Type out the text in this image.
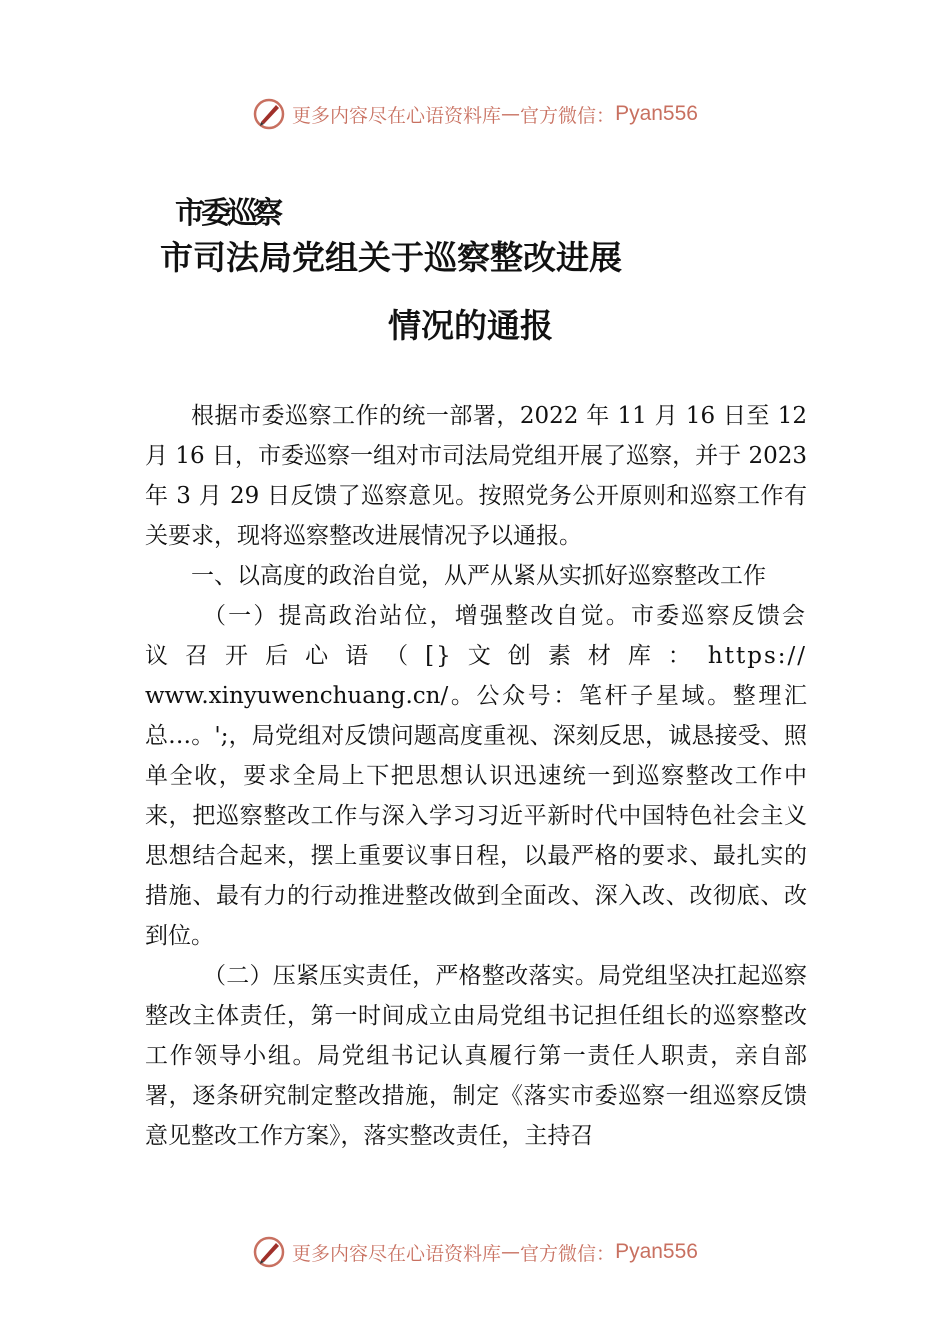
更多内容尽在心语资料库 — 官方微信： Pyan556
市委巡察
市司法局党组关于巡察整改进展
情况的通报

根据市委巡察工作的统一部署，2022 年 11 月 16 日至 12 月 16 日，市委巡察一组对市司法局党组开展了巡察，并于 2023 年 3 月 29 日反馈了巡察意见。按照党务公开原则和巡察工作有关要求，现将巡察整改进展情况予以通报。

一、以高度的政治自觉，从严从紧从实抓好巡察整改工作

（一）提高政治站位，增强整改自觉。市委巡察反馈会议召开后心语（[}文创素材库：https://

www.xinyuwenchuang.cn/。公众号：笔杆子星域。整理汇总…。';，局党组对反馈问题高度重视、深刻反思，诚恳接受、照单全收，要求全局上下把思想认识迅速统一到巡察整改工作中来，把巡察整改工作与深入学习习近平新时代中国特色社会主义思想结合起来，摆上重要议事日程，以最严格的要求、最扎实的措施、最有力的行动推进整改做到全面改、深入改、改彻底、改到位。

（二）压紧压实责任，严格整改落实。局党组坚决扛起巡察整改主体责任，第一时间成立由局党组书记担任组长的巡察整改工作领导小组。局党组书记认真履行第一责任人职责，亲自部署，逐条研究制定整改措施，制定《落实市委巡察一组巡察反馈意见整改工作方案》，落实整改责任，主持召

更多内容尽在心语资料库 — 官方微信： Pyan556
